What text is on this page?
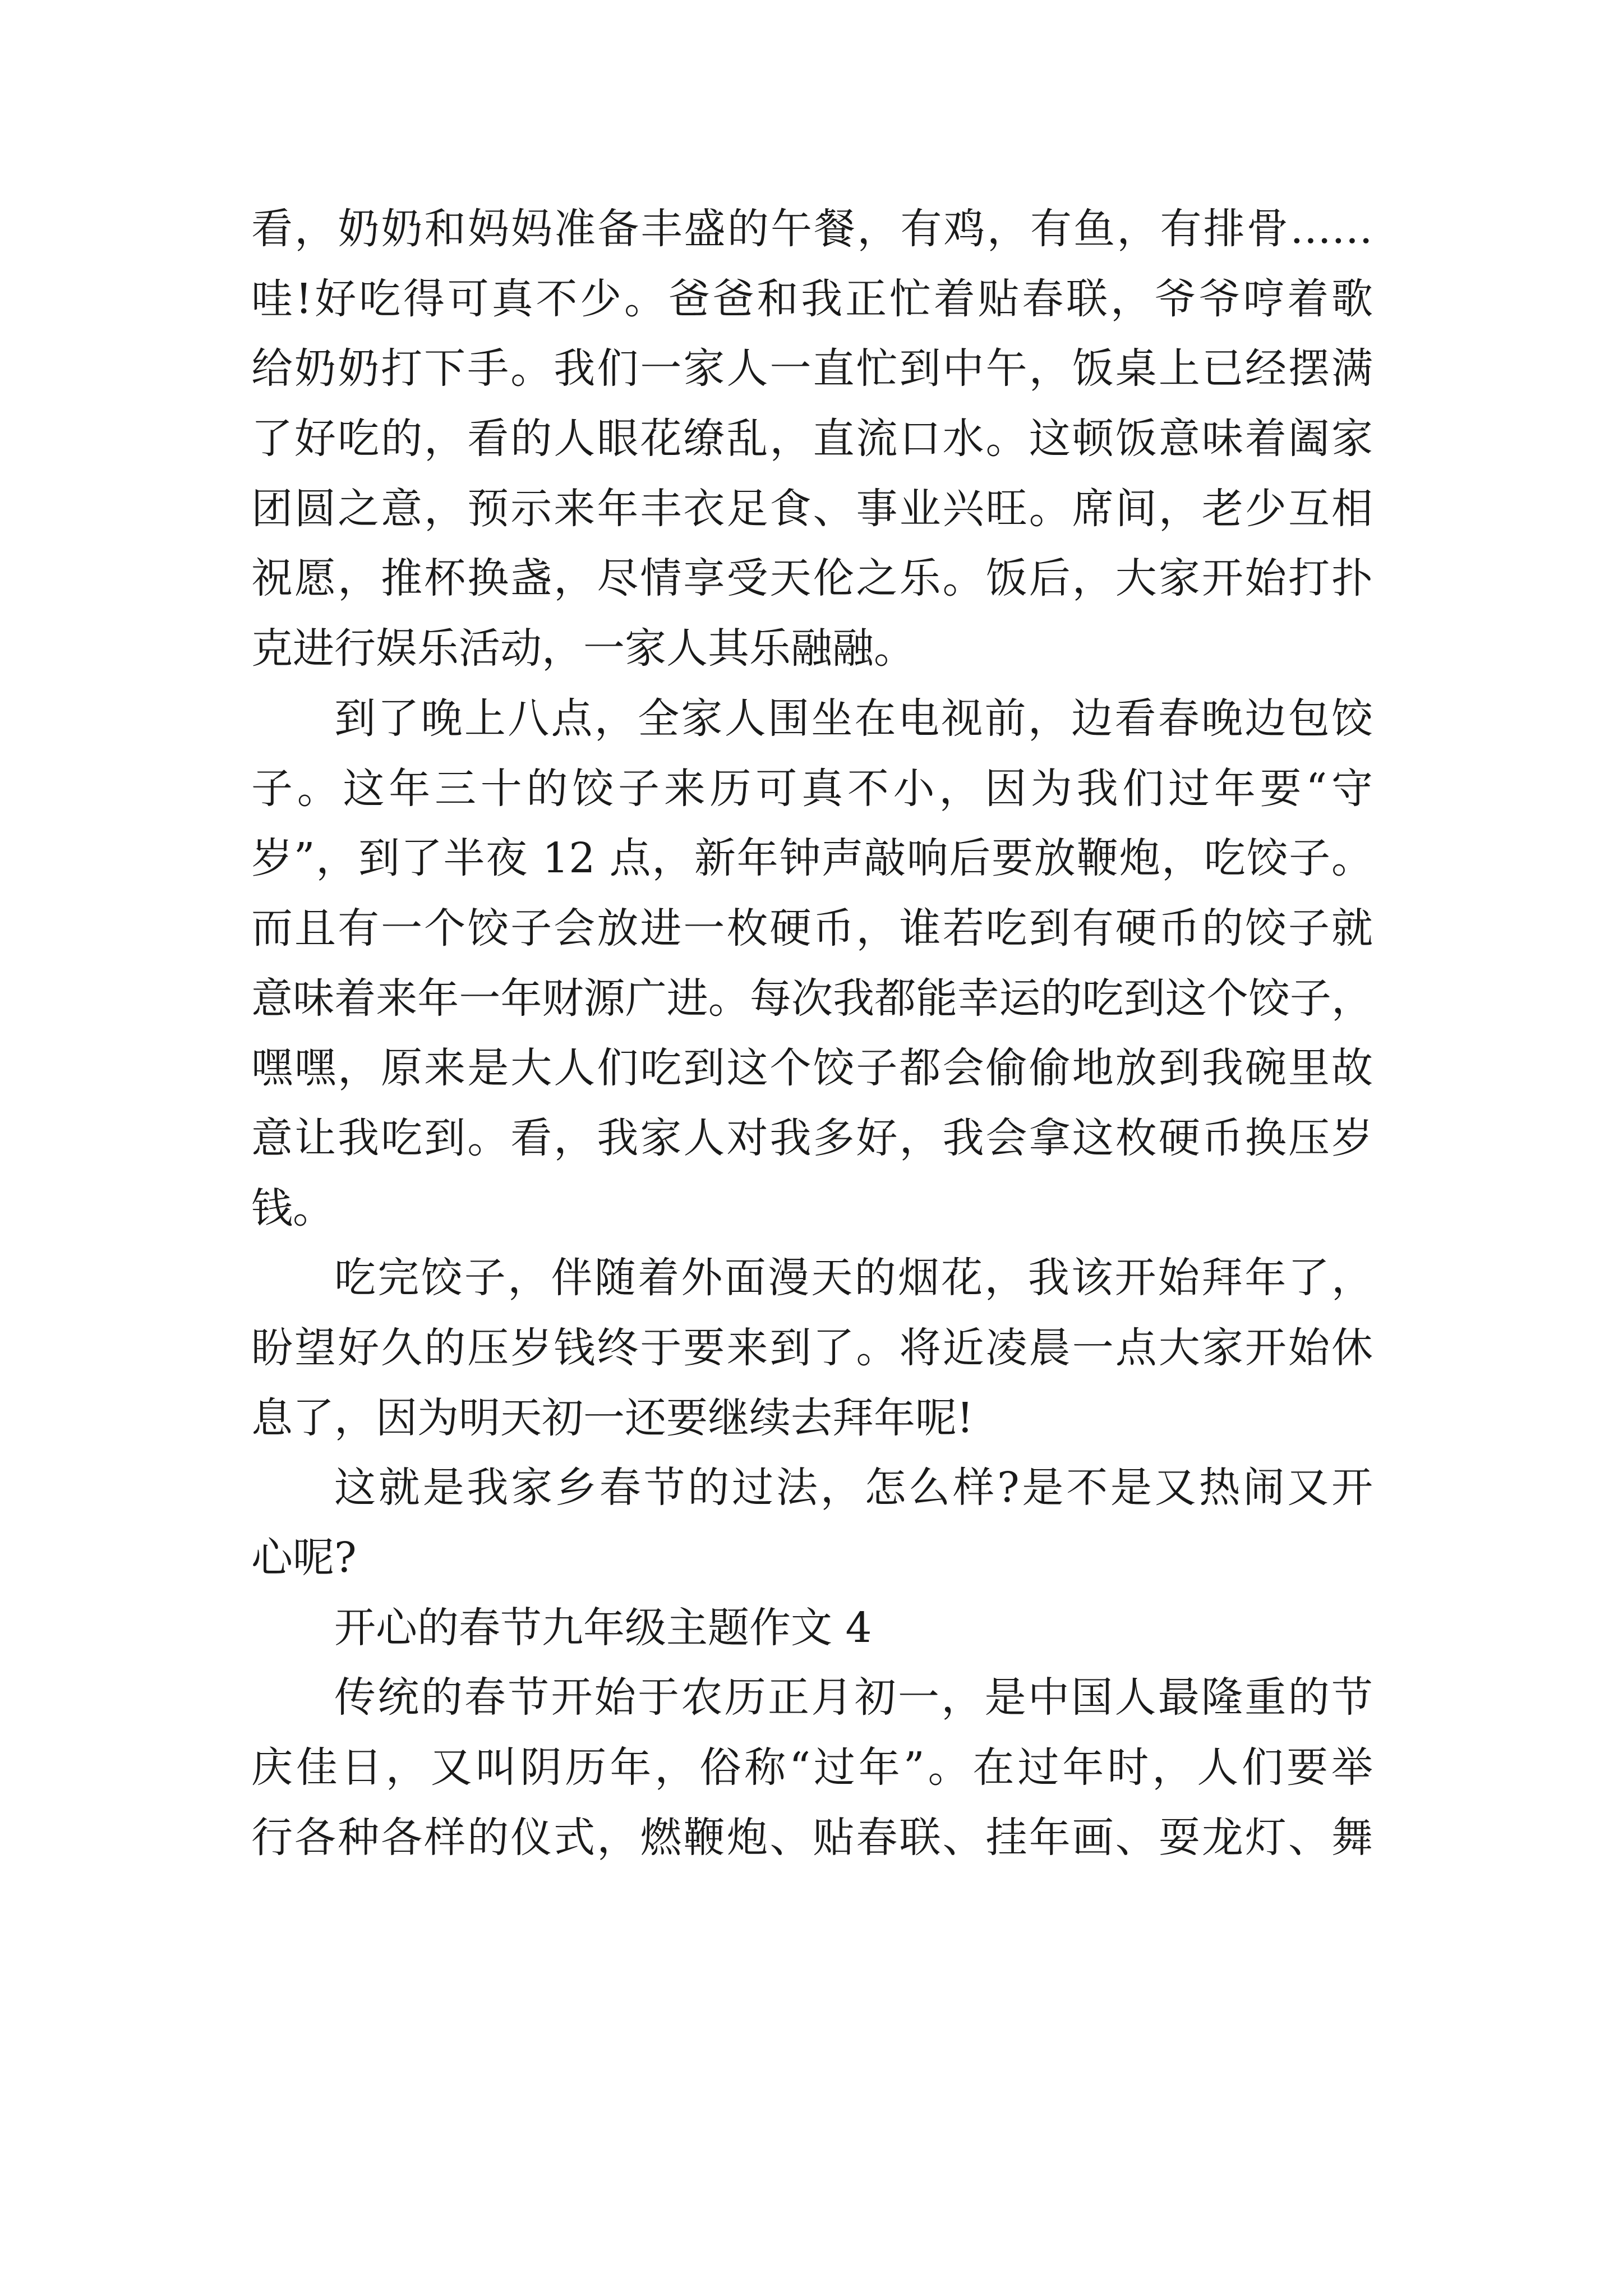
看，奶奶和妈妈准备丰盛的午餐，有鸡，有鱼，有排骨……
哇!好吃得可真不少。爸爸和我正忙着贴春联，爷爷哼着歌
给奶奶打下手。我们一家人一直忙到中午，饭桌上已经摆满
了好吃的，看的人眼花缭乱，直流口水。这顿饭意味着阖家
团圆之意，预示来年丰衣足食、事业兴旺。席间，老少互相
祝愿，推杯换盏，尽情享受天伦之乐。饭后，大家开始打扑
克进行娱乐活动，一家人其乐融融。
到了晚上八点，全家人围坐在电视前，边看春晚边包饺
子。这年三十的饺子来历可真不小，因为我们过年要“守
岁”，到了半夜 12 点，新年钟声敲响后要放鞭炮，吃饺子。
而且有一个饺子会放进一枚硬币，谁若吃到有硬币的饺子就
意味着来年一年财源广进。每次我都能幸运的吃到这个饺子，
嘿嘿，原来是大人们吃到这个饺子都会偷偷地放到我碗里故
意让我吃到。看，我家人对我多好，我会拿这枚硬币换压岁
钱。
吃完饺子，伴随着外面漫天的烟花，我该开始拜年了，
盼望好久的压岁钱终于要来到了。将近凌晨一点大家开始休
息了，因为明天初一还要继续去拜年呢!
这就是我家乡春节的过法，怎么样?是不是又热闹又开
心呢?
开心的春节九年级主题作文 4
传统的春节开始于农历正月初一，是中国人最隆重的节
庆佳日，又叫阴历年，俗称“过年”。在过年时，人们要举
行各种各样的仪式，燃鞭炮、贴春联、挂年画、耍龙灯、舞
